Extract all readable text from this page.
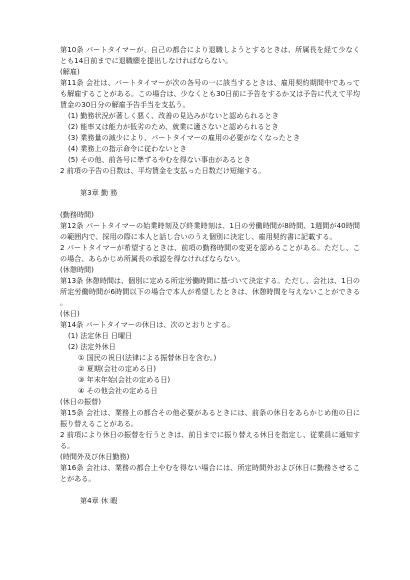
第10条 パートタイマーが、自己の都合により退職しようとするときは、所属長を経て少なくとも14日前までに退職願を提出しなければならない。

(解雇)

第11条 会社は、パートタイマーが次の各号の一に該当するときは、雇用契約期間中であっても解雇することがある。この場合は、少なくとも30日前に予告をするか又は予告に代えて平均賃金の30日分の解雇予告手当を支払う。

(1) 勤務状況が著しく悪く、改善の見込みがないと認められるとき

(2) 能率又は能力が低劣のため、就業に適さないと認められるとき

(3) 業務量の減少により、パートタイマーの雇用の必要がなくなったとき

(4) 業務上の指示命令に従わないとき

(5) その他、前各号に準ずるやむを得ない事由があるとき

2 前項の予告の日数は、平均賃金を支払った日数だけ短縮する。

第3章 勤 務

(勤務時間)

第12条 パートタイマーの始業時刻及び終業時刻は、1日の労働時間が8時間、1週間が40時間の範囲内で、採用の際に本人と話し合いのうえ個別に決定し、雇用契約書に記載する。

2 パートタイマーが希望するときは、前項の勤務時間の変更を認めることがある。ただし、この場合、あらかじめ所属長の承認を得なければならない。

(休憩時間)

第13条 休憩時間は、個別に定める所定労働時間に基づいて決定する。ただし、会社は、1日の所定労働時間が6時間以下の場合で本人が希望したときは、休憩時間を与えないことができる。

(休日)

第14条 パートタイマーの休日は、次のとおりとする。

(1) 法定休日 日曜日

(2) 法定外休日

① 国民の祝日(法律による振替休日を含む。)

② 夏期(会社の定める日)

③ 年末年始(会社の定める日)

④ その他会社の定める日

(休日の振替)

第15条 会社は、業務上の都合その他必要があるときには、前条の休日をあらかじめ他の日に振り替えることがある。

2 前項により休日の振替を行うときは、前日までに振り替える休日を指定し、従業員に通知する。

(時間外及び休日勤務)

第16条 会社は、業務の都合上やむを得ない場合には、所定時間外および休日に勤務させることがある。

第4章 休 暇
